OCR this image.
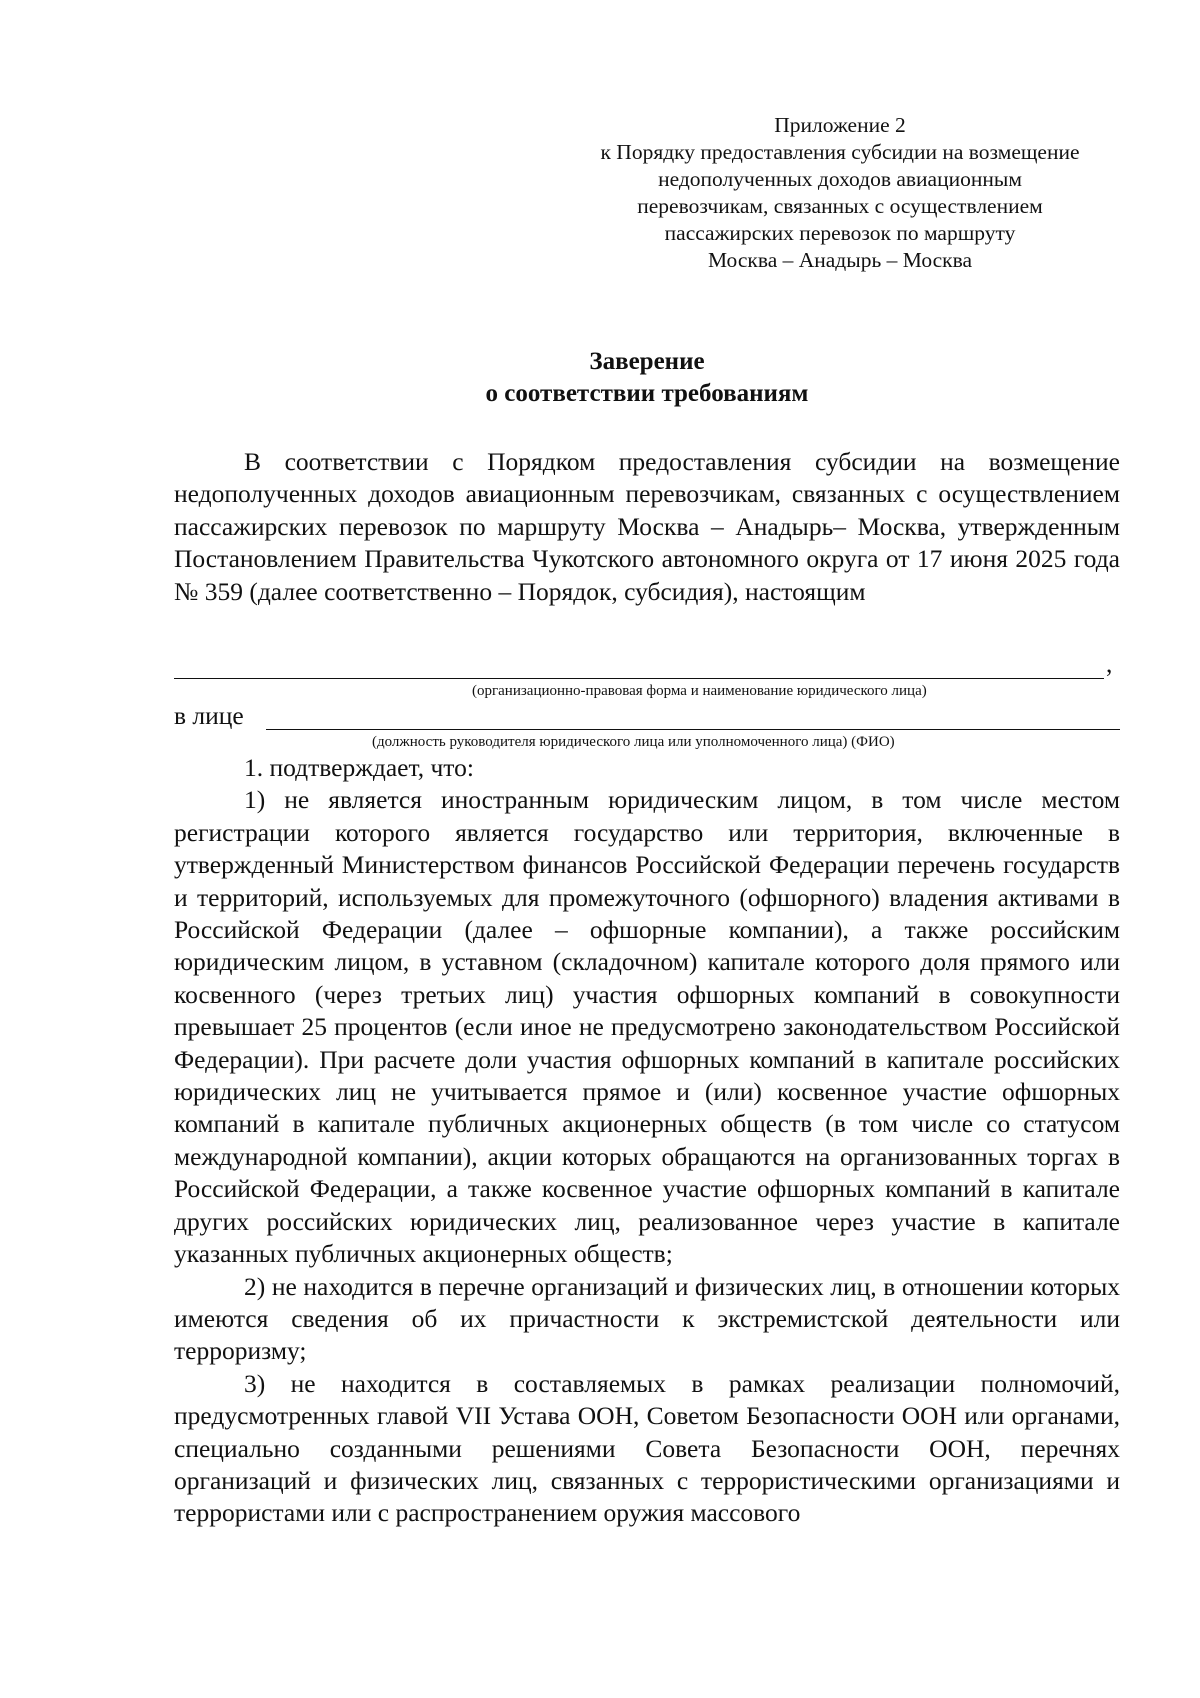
Приложение 2
к Порядку предоставления субсидии на возмещение
недополученных доходов авиационным
перевозчикам, связанных с осуществлением
пассажирских перевозок по маршруту
Москва – Анадырь – Москва
Заверение
о соответствии требованиям

В соответствии с Порядком предоставления субсидии на возмещение недополученных доходов авиационным перевозчикам, связанных с осуществлением пассажирских перевозок по маршруту Москва – Анадырь– Москва, утвержденным Постановлением Правительства Чукотского автономного округа от 17 июня 2025 года № 359 (далее соответственно – Порядок, субсидия), настоящим

,
(организационно-правовая форма и наименование юридического лица)
в лице
(должность руководителя юридического лица или уполномоченного лица) (ФИО)

1. подтверждает, что:

1) не является иностранным юридическим лицом, в том числе местом регистрации которого является государство или территория, включенные в утвержденный Министерством финансов Российской Федерации перечень государств и территорий, используемых для промежуточного (офшорного) владения активами в Российской Федерации (далее – офшорные компании), а также российским юридическим лицом, в уставном (складочном) капитале которого доля прямого или косвенного (через третьих лиц) участия офшорных компаний в совокупности превышает 25 процентов (если иное не предусмотрено законодательством Российской Федерации). При расчете доли участия офшорных компаний в капитале российских юридических лиц не учитывается прямое и (или) косвенное участие офшорных компаний в капитале публичных акционерных обществ (в том числе со статусом международной компании), акции которых обращаются на организованных торгах в Российской Федерации, а также косвенное участие офшорных компаний в капитале других российских юридических лиц, реализованное через участие в капитале указанных публичных акционерных обществ;

2) не находится в перечне организаций и физических лиц, в отношении которых имеются сведения об их причастности к экстремистской деятельности или терроризму;

3) не находится в составляемых в рамках реализации полномочий, предусмотренных главой VII Устава ООН, Советом Безопасности ООН или органами, специально созданными решениями Совета Безопасности ООН, перечнях организаций и физических лиц, связанных с террористическими организациями и террористами или с распространением оружия массового
